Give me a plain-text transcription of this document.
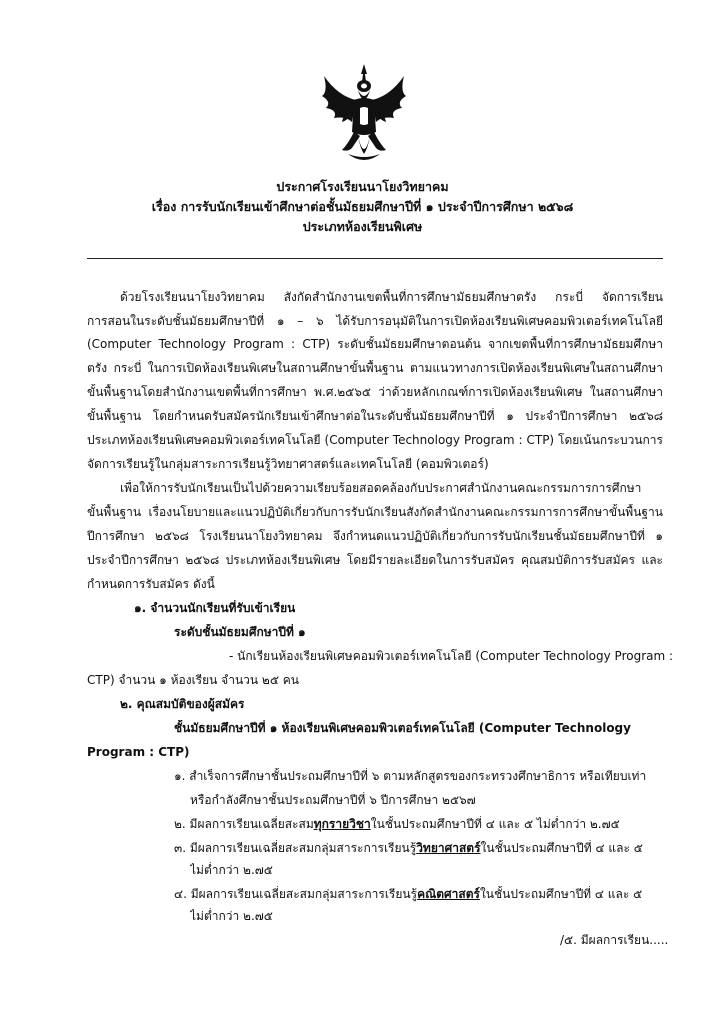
ประกาศโรงเรียนนาโยงวิทยาคม
เรื่อง การรับนักเรียนเข้าศึกษาต่อชั้นมัธยมศึกษาปีที่ ๑ ประจำปีการศึกษา ๒๕๖๘
ประเภทห้องเรียนพิเศษ
ด้วยโรงเรียนนาโยงวิทยาคม สังกัดสำนักงานเขตพื้นที่การศึกษามัธยมศึกษาตรัง กระบี่ จัดการเรียน
การสอนในระดับชั้นมัธยมศึกษาปีที่ ๑ – ๖ ได้รับการอนุมัติในการเปิดห้องเรียนพิเศษคอมพิวเตอร์เทคโนโลยี
(Computer Technology Program : CTP) ระดับชั้นมัธยมศึกษาตอนต้น จากเขตพื้นที่การศึกษามัธยมศึกษา
ตรัง กระบี่ ในการเปิดห้องเรียนพิเศษในสถานศึกษาขั้นพื้นฐาน ตามแนวทางการเปิดห้องเรียนพิเศษในสถานศึกษา
ขั้นพื้นฐานโดยสำนักงานเขตพื้นที่การศึกษา พ.ศ.๒๕๖๕ ว่าด้วยหลักเกณฑ์การเปิดห้องเรียนพิเศษ ในสถานศึกษา
ขั้นพื้นฐาน โดยกำหนดรับสมัครนักเรียนเข้าศึกษาต่อในระดับชั้นมัธยมศึกษาปีที่ ๑ ประจำปีการศึกษา ๒๕๖๘
ประเภทห้องเรียนพิเศษคอมพิวเตอร์เทคโนโลยี (Computer Technology Program : CTP) โดยเน้นกระบวนการ
จัดการเรียนรู้ในกลุ่มสาระการเรียนรู้วิทยาศาสตร์และเทคโนโลยี (คอมพิวเตอร์)
เพื่อให้การรับนักเรียนเป็นไปด้วยความเรียบร้อยสอดคล้องกับประกาศสำนักงานคณะกรรมการการศึกษา
ขั้นพื้นฐาน เรื่องนโยบายและแนวปฏิบัติเกี่ยวกับการรับนักเรียนสังกัดสำนักงานคณะกรรมการการศึกษาขั้นพื้นฐาน
ปีการศึกษา ๒๕๖๘ โรงเรียนนาโยงวิทยาคม จึงกำหนดแนวปฏิบัติเกี่ยวกับการรับนักเรียนชั้นมัธยมศึกษาปีที่ ๑
ประจำปีการศึกษา ๒๕๖๘ ประเภทห้องเรียนพิเศษ โดยมีรายละเอียดในการรับสมัคร คุณสมบัติการรับสมัคร และ
กำหนดการรับสมัคร ดังนี้
๑. จำนวนนักเรียนที่รับเข้าเรียน
ระดับชั้นมัธยมศึกษาปีที่ ๑
- นักเรียนห้องเรียนพิเศษคอมพิวเตอร์เทคโนโลยี (Computer Technology Program :
CTP) จำนวน ๑ ห้องเรียน จำนวน ๒๕ คน
๒. คุณสมบัติของผู้สมัคร
ชั้นมัธยมศึกษาปีที่ ๑ ห้องเรียนพิเศษคอมพิวเตอร์เทคโนโลยี (Computer Technology
Program : CTP)
๑. สำเร็จการศึกษาชั้นประถมศึกษาปีที่ ๖ ตามหลักสูตรของกระทรวงศึกษาธิการ หรือเทียบเท่า
หรือกำลังศึกษาชั้นประถมศึกษาปีที่ ๖ ปีการศึกษา ๒๕๖๗
๒. มีผลการเรียนเฉลี่ยสะสมทุกรายวิชาในชั้นประถมศึกษาปีที่ ๔ และ ๕ ไม่ต่ำกว่า ๒.๗๕
๓. มีผลการเรียนเฉลี่ยสะสมกลุ่มสาระการเรียนรู้วิทยาศาสตร์ในชั้นประถมศึกษาปีที่ ๔ และ ๕
ไม่ต่ำกว่า ๒.๗๕
๔. มีผลการเรียนเฉลี่ยสะสมกลุ่มสาระการเรียนรู้คณิตศาสตร์ในชั้นประถมศึกษาปีที่ ๔ และ ๕
ไม่ต่ำกว่า ๒.๗๕
/๕. มีผลการเรียน.....
